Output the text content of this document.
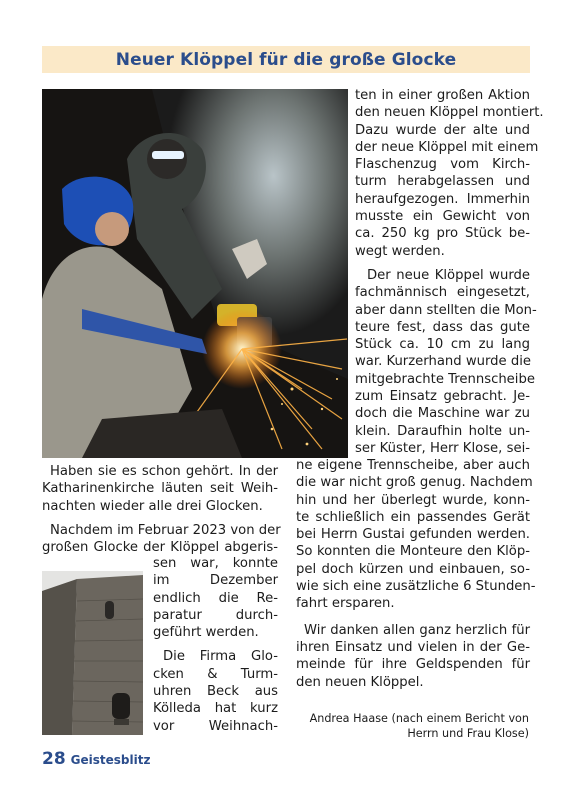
Neuer Klöppel für die große Glocke

ten in einer großen Aktion
den neuen Klöppel montiert.
Dazu wurde der alte und
der neue Klöppel mit einem
Flaschenzug vom Kirch-
turm herabgelassen und
heraufgezogen. Immerhin
musste ein Gewicht von
ca. 250 kg pro Stück be-
wegt werden.

Der neue Klöppel wurde
fachmännisch eingesetzt,
aber dann stellten die Mon-
teure fest, dass das gute
Stück ca. 10 cm zu lang
war. Kurzerhand wurde die
mitgebrachte Trennscheibe
zum Einsatz gebracht. Je-
doch die Maschine war zu
klein. Daraufhin holte un-
ser Küster, Herr Klose, sei-

ne eigene Trennscheibe, aber auch
die war nicht groß genug. Nachdem
hin und her überlegt wurde, konn-
te schließlich ein passendes Gerät
bei Herrn Gustai gefunden werden.
So konnten die Monteure den Klöp-
pel doch kürzen und einbauen, so-
wie sich eine zusätzliche 6 Stunden-
fahrt ersparen.

Wir danken allen ganz herzlich für
ihren Einsatz und vielen in der Ge-
meinde für ihre Geldspenden für
den neuen Klöppel.

Haben sie es schon gehört. In der
Katharinenkirche läuten seit Weih-
nachten wieder alle drei Glocken.

Nachdem im Februar 2023 von der
großen Glocke der Klöppel abgeris-

sen war, konnte
im Dezember
endlich die Re-
paratur durch-
geführt werden.

Die Firma Glo-
cken & Turm-
uhren Beck aus
Kölleda hat kurz
vor Weihnach-

Andrea Haase (nach einem Bericht von
Herrn und Frau Klose)
28 Geistesblitz
